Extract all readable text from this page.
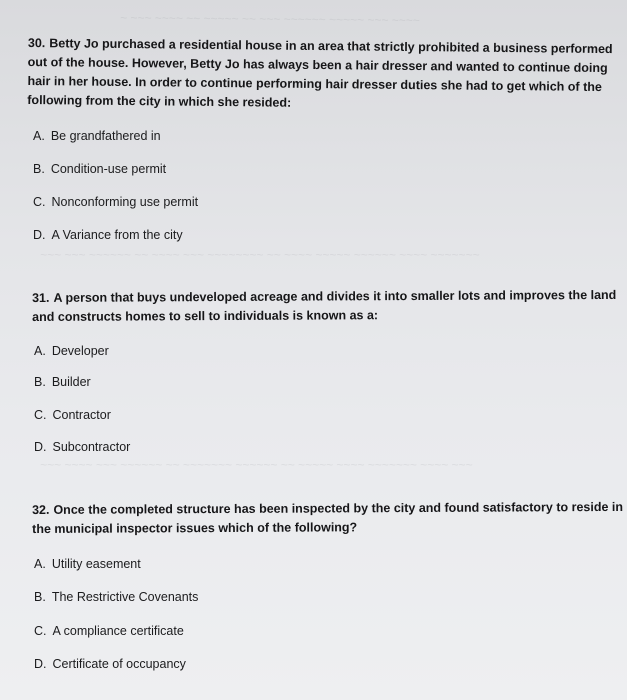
~ ~~~ ~~~~ ~~ ~~~~~ ~~ ~~~ ~~~~~~ ~~~~~ ~~~ ~~~~
~~~ ~~~ ~~~~~~ ~~ ~~~~ ~~~ ~~~~~~~~ ~~ ~~~~ ~~~~~ ~~~~~~ ~~~~ ~~~~~~~
~~~ ~~~~ ~~~ ~~~~~~ ~~ ~~~~~~~ ~~~~~~ ~~ ~~~~~ ~~~~ ~~~~~~~ ~~~~ ~~~
30. Betty Jo purchased a residential house in an area that strictly prohibited a business performed out of the house. However, Betty Jo has always been a hair dresser and wanted to continue doing hair in her house. In order to continue performing hair dresser duties she had to get which of the following from the city in which she resided:
A. Be grandfathered in
B. Condition-use permit
C. Nonconforming use permit
D. A Variance from the city
31. A person that buys undeveloped acreage and divides it into smaller lots and improves the land and constructs homes to sell to individuals is known as a:
A. Developer
B. Builder
C. Contractor
D. Subcontractor
32. Once the completed structure has been inspected by the city and found satisfactory to reside in the municipal inspector issues which of the following?
A. Utility easement
B. The Restrictive Covenants
C. A compliance certificate
D. Certificate of occupancy
